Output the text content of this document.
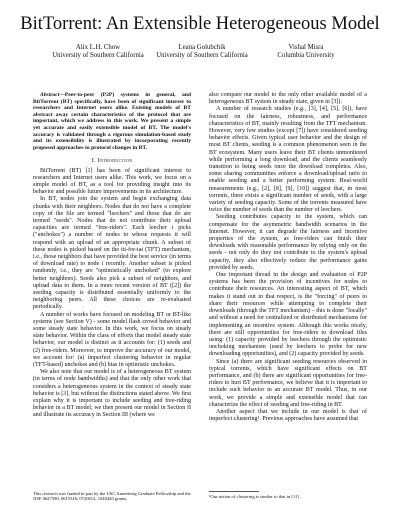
BitTorrent: An Extensible Heterogeneous Model
Alix L.H. Chow
University of Southern California
Leana Golubchik
University of Southern California
Vishal Misra
Columbia University

Abstract—Peer-to-peer (P2P) systems in general, and BitTorrent (BT) specifically, have been of significant interest to researchers and Internet users alike. Existing models of BT abstract away certain characteristics of the protocol that are important, which we address in this work. We present a simple yet accurate and easily extensible model of BT. The model's accuracy is validated through a rigorous simulation-based study and its extensibility is illustrated by incorporating recently proposed approaches to protocol changes in BT.

I. Introduction

BitTorrent (BT) [1] has been of significant interest to researchers and Internet users alike. This work, we focus on a simple model of BT, as a tool for providing insight into its behavior and possible future improvements in its architecture.

In BT, nodes join the system and begin exchanging data chunks with their neighbors. Nodes that do not have a complete copy of the file are termed "leechers" and those that do are termed "seeds". Nodes that do not contribute their upload capacities are termed "free-riders". Each leecher i picks ("unchokes") a number of nodes to whose requests it will respond with an upload of an appropriate chunk. A subset of these nodes is picked based on the tit-for-tat (TFT) mechanism, i.e., those neighbors that have provided the best service (in terms of download rate) to node i recently. Another subset is picked randomly, i.e., they are "optimistically unchoked" (to explore better neighbors). Seeds also pick a subset of neighbors, and upload data to them. In a more recent version of BT ([2]) the seeding capacity is distributed essentially uniformly to the neighboring peers. All these choices are re-evaluated periodically.

A number of works have focused on modeling BT or BT-like systems (see Section V) - some model flash crowd behavior and some steady state behavior. In this work, we focus on steady state behavior. Within the class of efforts that model steady state behavior, our model is distinct as it accounts for: (1) seeds and (2) free-riders. Moreover, to improve the accuracy of our model, we account for: (a) imperfect clustering behavior in regular (TFT-based) unchokes and (b) bias in optimistic unchokes.

We also note that our model is of a heterogeneous BT system (in terms of node bandwidths) and that the only other work that considers a heterogeneous system in the context of steady state behavior is [3], but without the distinctions stated above. We first explain why it is important to include seeding and free-riding behavior in a BT model; we then present our model in Section II and illustrate its accuracy in Section III (where we

also compare our model to the only other available model of a heterogeneous BT system in steady state, given in [3]).

A number of research studies (e.g., [3], [4], [5], [6]), have focused on the fairness, robustness, and performance characteristics of BT, mainly resulting from the TFT mechanism. However, very few studies (except [7]) have considered seeding behavior effects. Given typical user behavior and the design of most BT clients, seeding is a common phenomenon seen in the BT ecosystem. Many users leave their BT clients unmonitored while performing a long download, and the clients seamlessly transition to being seeds once the download completes. Also, some sharing communities enforce a download/upload ratio to enable seeding and a better performing system. Real-world measurements (e.g., [2], [8], [9], [10]) suggest that, in most torrents, there exists a significant number of seeds, with a large variety of seeding capacity. Some of the torrents measured have twice the number of seeds than the number of leechers.

Seeding contributes capacity to the system, which can compensate for the asymmetric bandwidth scenarios in the Internet. However, it can degrade the fairness and incentive properties of the system, as free-riders can finish their downloads with reasonable performance by relying only on the seeds - not only do they not contribute to the system's upload capacity, they also effectively reduce the performance gains provided by seeds.

One important thread in the design and evaluation of P2P systems has been the provision of incentives for nodes to contribute their resources. An interesting aspect of BT, which makes it stand out in that respect, is the "forcing" of peers to share their resources while attempting to complete their downloads (through the TFT mechanism) – this is done "locally" and without a need for centralized or distributed mechanisms for implementing an incentive system. Although this works nicely, there are still opportunities for free-riders to download files using: (1) capacity provided by leechers through the optimistic unchoking mechanism (used by leechers to probe for new downloading opportunities), and (2) capacity provided by seeds.

Since (a) there are significant seeding resources observed in typical torrents, which have significant effects on BT performance, and (b) there are significant opportunities for free-riders to hurt BT performance, we believe that it is important to include such behavior in an accurate BT model. Thus, in our work, we provide a simple and extensible model that can characterize the effect of seeding and free-riding in BT.

Another aspect that we include in our model is that of imperfect clustering¹. Previous approaches have assumed that

This research was funded in part by the USC Annenberg Graduate Fellowship and the NSF 0627590, 0615316, 0720612, 1040420 grants.	¹Our notion of clustering is similar to that in [11].
